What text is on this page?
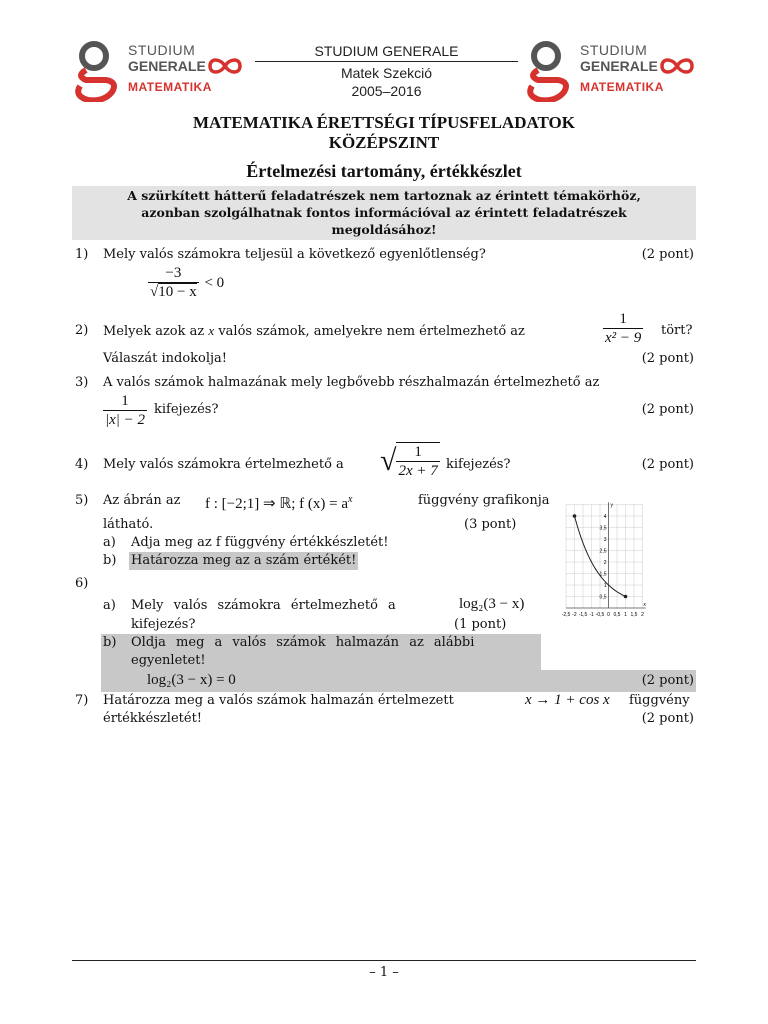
STUDIUM
GENERALE
MATEMATIKA
STUDIUM GENERALE
Matek Szekció
2005–2016
STUDIUM
GENERALE
MATEMATIKA
MATEMATIKA ÉRETTSÉGI TÍPUSFELADATOK
KÖZÉPSZINT
Értelmezési tartomány, értékkészlet
A szürkített hátterű feladatrészek nem tartoznak az érintett témakörhöz,
azonban szolgálhatnak fontos információval az érintett feladatrészek
megoldásához!
1) Mely valós számokra teljesül a következő egyenlőtlenség?	(2 pont)
$\frac{-3}{√10 - x} < 0$
2) Melyek azok az x valós számok, amelyekre nem értelmezhető az	$\frac{1}{\text{x² − 9}}$ tört?
Válaszát indokolja!	(2 pont)
3) A valós számok halmazának mely legbővebb részhalmazán értelmezhető az
$\frac{1}{|x| - 2}$ kifejezés?	(2 pont)
4) Mely valós számokra értelmezhető a √ $\frac{1}{2x + 7}$ kifejezés?	(2 pont)
5) Az ábrán az f : [−2;1] ⇒ ℝ; f $(x) = a^x$	függvény grafikonja
látható.	(3 pont)
a) Adja meg az f függvény értékkészletét!
b) Határozza meg az a szám értékét!
x
y
-2,5 -2 -1,5 -1 -0,5 0 0,5 1 1,5 2
4
3,5
3
2,5
2
1,5
1
0,5
6)
a) Mely valós számokra értelmezhető a	log₂(3 − x)
kifejezés?	(1 pont)
b) Oldja meg a valós számok halmazán az alábbi
egyenletet!
log₂(3 − x) = 0	(2 pont)
7) Határozza meg a valós számok halmazán értelmezett	x → 1 + cos x függvény
értékkészletét!	(2 pont)
– 1 –
